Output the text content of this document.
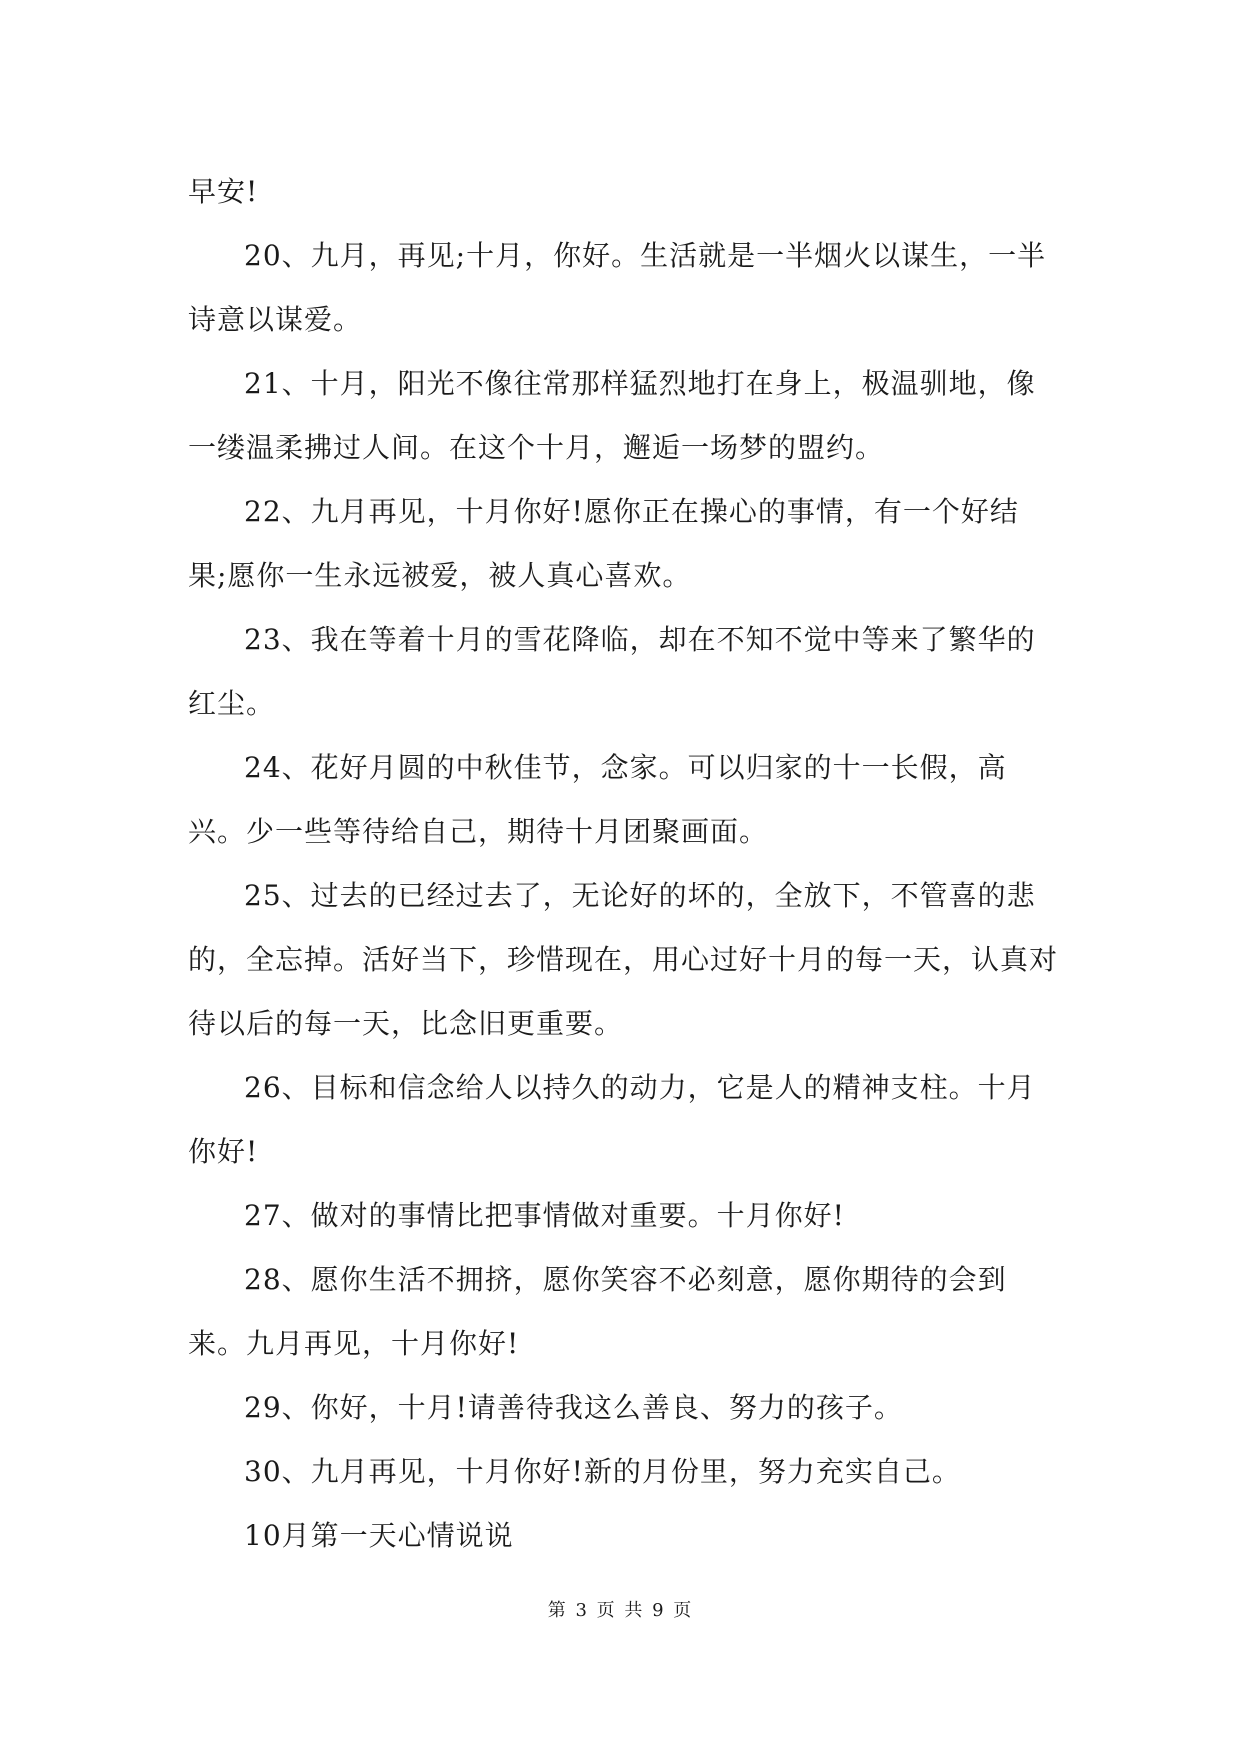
早安!

20、九月，再见;十月，你好。生活就是一半烟火以谋生，一半诗意以谋爱。

21、十月，阳光不像往常那样猛烈地打在身上，极温驯地，像一缕温柔拂过人间。在这个十月，邂逅一场梦的盟约。

22、九月再见，十月你好!愿你正在操心的事情，有一个好结果;愿你一生永远被爱，被人真心喜欢。

23、我在等着十月的雪花降临，却在不知不觉中等来了繁华的红尘。

24、花好月圆的中秋佳节，念家。可以归家的十一长假，高兴。少一些等待给自己，期待十月团聚画面。

25、过去的已经过去了，无论好的坏的，全放下，不管喜的悲的，全忘掉。活好当下，珍惜现在，用心过好十月的每一天，认真对待以后的每一天，比念旧更重要。

26、目标和信念给人以持久的动力，它是人的精神支柱。十月你好!

27、做对的事情比把事情做对重要。十月你好!

28、愿你生活不拥挤，愿你笑容不必刻意，愿你期待的会到来。九月再见，十月你好!

29、你好，十月!请善待我这么善良、努力的孩子。

30、九月再见，十月你好!新的月份里，努力充实自己。

10月第一天心情说说

第 3 页 共 9 页
